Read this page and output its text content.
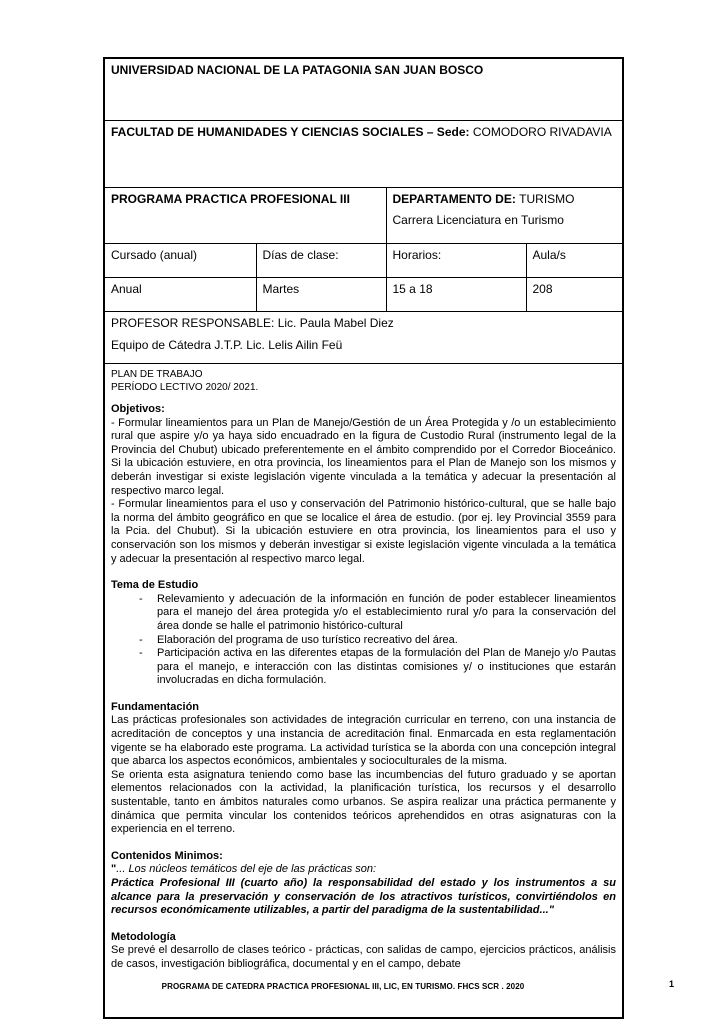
UNIVERSIDAD NACIONAL DE LA PATAGONIA SAN JUAN BOSCO			
FACULTAD DE HUMANIDADES Y CIENCIAS SOCIALES – Sede: COMODORO RIVADAVIA			
PROGRAMA PRACTICA PROFESIONAL III		DEPARTAMENTO DE: TURISMO
Carrera Licenciatura en Turismo	

Cursado (anual)	Días de clase:	Horarios:	Aula/s
Anual	Martes	15 a 18	208

PROFESOR RESPONSABLE: Lic. Paula Mabel Diez
Equipo de Cátedra J.T.P. Lic. Lelis Ailin Feü			

PLAN DE TRABAJO
PERÍODO LECTIVO 2020/ 2021.
Objetivos:

- Formular lineamientos para un Plan de Manejo/Gestión de un Área Protegida y /o un establecimiento rural que aspire y/o ya haya sido encuadrado en la figura de Custodio Rural (instrumento legal de la Provincia del Chubut) ubicado preferentemente en el ámbito comprendido por el Corredor Bioceánico. Si la ubicación estuviere, en otra provincia, los lineamientos para el Plan de Manejo son los mismos y deberán investigar si existe legislación vigente vinculada a la temática y adecuar la presentación al respectivo marco legal.

- Formular lineamientos para el uso y conservación del Patrimonio histórico-cultural, que se halle bajo la norma del ámbito geográfico en que se localice el área de estudio. (por ej. ley Provincial 3559 para la Pcia. del Chubut). Si la ubicación estuviere en otra provincia, los lineamientos para el uso y conservación son los mismos y deberán investigar si existe legislación vigente vinculada a la temática y adecuar la presentación al respectivo marco legal.

Tema de Estudio
- Relevamiento y adecuación de la información en función de poder establecer lineamientos para el manejo del área protegida y/o el establecimiento rural y/o para la conservación del área donde se halle el patrimonio histórico-cultural
- Elaboración del programa de uso turístico recreativo del área.
- Participación activa en las diferentes etapas de la formulación del Plan de Manejo y/o Pautas para el manejo, e interacción con las distintas comisiones y/ o instituciones que estarán involucradas en dicha formulación.
Fundamentación

Las prácticas profesionales son actividades de integración curricular en terreno, con una instancia de acreditación de conceptos y una instancia de acreditación final. Enmarcada en esta reglamentación vigente se ha elaborado este programa. La actividad turística se la aborda con una concepción integral que abarca los aspectos económicos, ambientales y socioculturales de la misma.

Se orienta esta asignatura teniendo como base las incumbencias del futuro graduado y se aportan elementos relacionados con la actividad, la planificación turística, los recursos y el desarrollo sustentable, tanto en ámbitos naturales como urbanos. Se aspira realizar una práctica permanente y dinámica que permita vincular los contenidos teóricos aprehendidos en otras asignaturas con la experiencia en el terreno.

Contenidos Minimos:

"... Los núcleos temáticos del eje de las prácticas son:

Práctica Profesional III (cuarto año) la responsabilidad del estado y los instrumentos a su alcance para la preservación y conservación de los atractivos turísticos, convirtiéndolos en recursos económicamente utilizables, a partir del paradigma de la sustentabilidad..."

Metodología

Se prevé el desarrollo de clases teórico - prácticas, con salidas de campo, ejercicios prácticos, análisis de casos, investigación bibliográfica, documental y en el campo, debate

PROGRAMA DE CATEDRA PRACTICA PROFESIONAL III, LIC, EN TURISMO. FHCS SCR . 2020	1
